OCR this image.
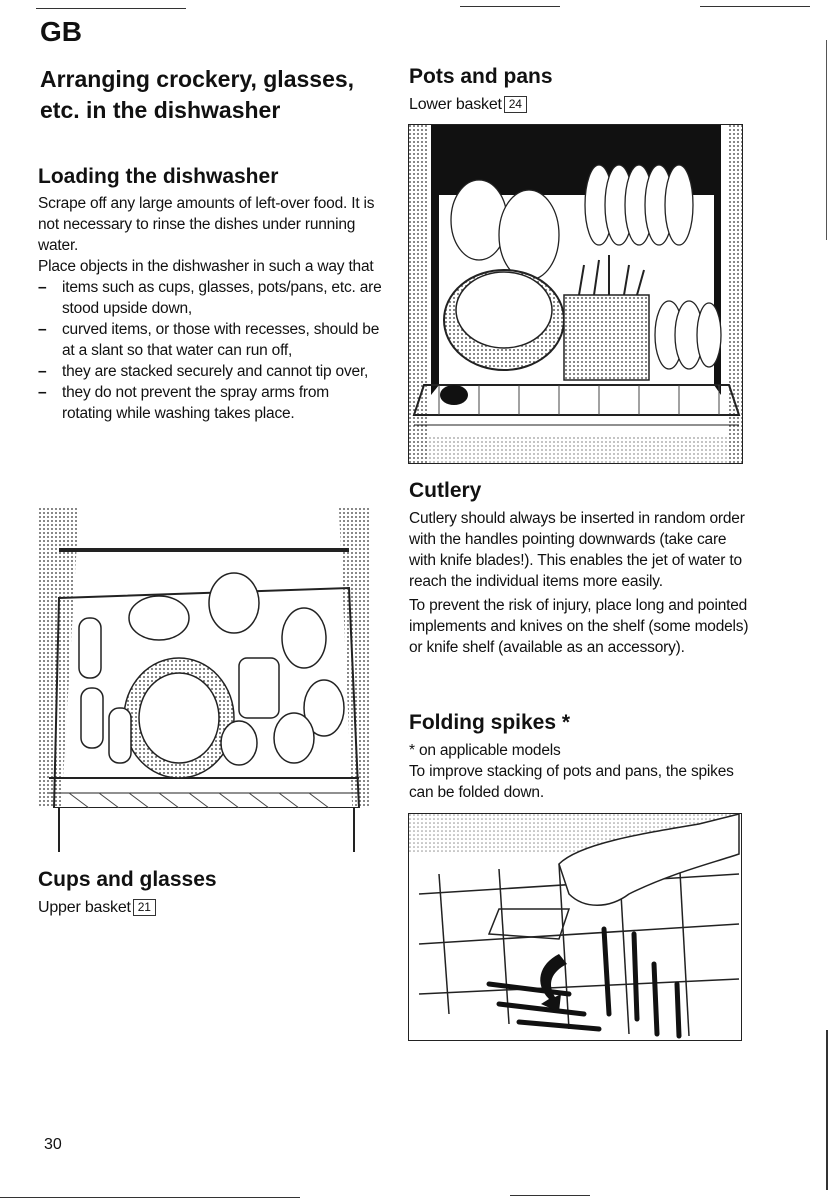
GB
Arranging crockery, glasses, etc. in the dishwasher
Loading the dishwasher

Scrape off any large amounts of left-over food. It is not necessary to rinse the dishes under running water.

Place objects in the dishwasher in such a way that

– items such as cups, glasses, pots/pans, etc. are stood upside down,
– curved items, or those with recesses, should be at a slant so that water can run off,
– they are stacked securely and cannot tip over,
– they do not prevent the spray arms from rotating while washing takes place.
Cups and glasses
Upper basket 21
Pots and pans
Lower basket 24
Cutlery

Cutlery should always be inserted in random order with the handles pointing downwards (take care with knife blades!). This enables the jet of water to reach the individual items more easily.

To prevent the risk of injury, place long and pointed implements and knives on the shelf (some models) or knife shelf (available as an accessory).

Folding spikes *

* on applicable models

To improve stacking of pots and pans, the spikes can be folded down.

30
